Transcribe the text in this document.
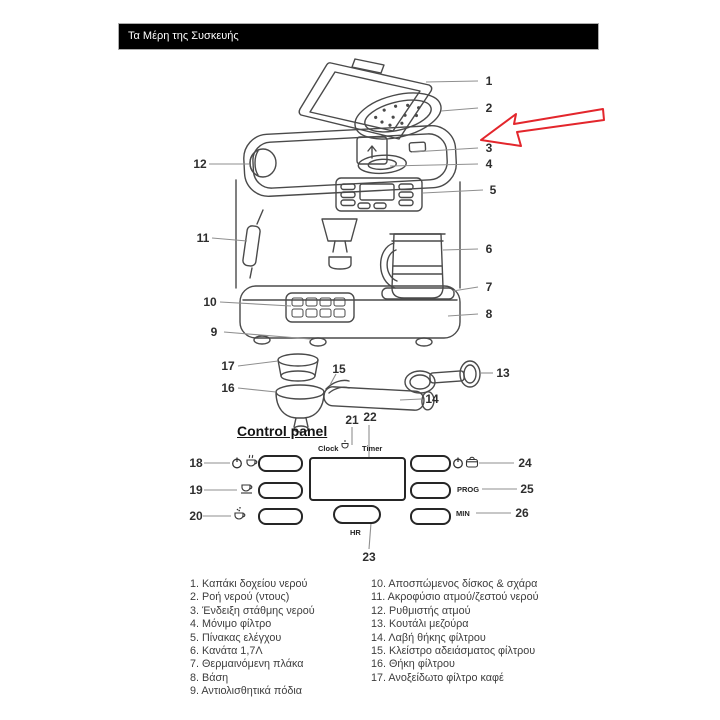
Τα Μέρη της Συσκευής
1
2
3
4
5
6
7
8
9
10
11
12
13
14
15
16
17
18
19
20
21 22
23
24
25
26
Control panel
Clock	Timer
HR
PROG
MIN
1. Καπάκι δοχείου νερού
2. Ροή νερού (ντους)
3. Ένδειξη στάθμης νερού
4. Μόνιμο φίλτρο
5. Πίνακας ελέγχου
6. Κανάτα 1,7Λ
7. Θερμαινόμενη πλάκα
8. Βάση
9. Αντιολισθητικά πόδια
10. Αποσπώμενος δίσκος & σχάρα
11. Ακροφύσιο ατμού/ζεστού νερού
12. Ρυθμιστής ατμού
13. Κουτάλι μεζούρα
14. Λαβή θήκης φίλτρου
15. Κλείστρο αδειάσματος φίλτρου
16. Θήκη φίλτρου
17. Ανοξείδωτο φίλτρο καφέ
